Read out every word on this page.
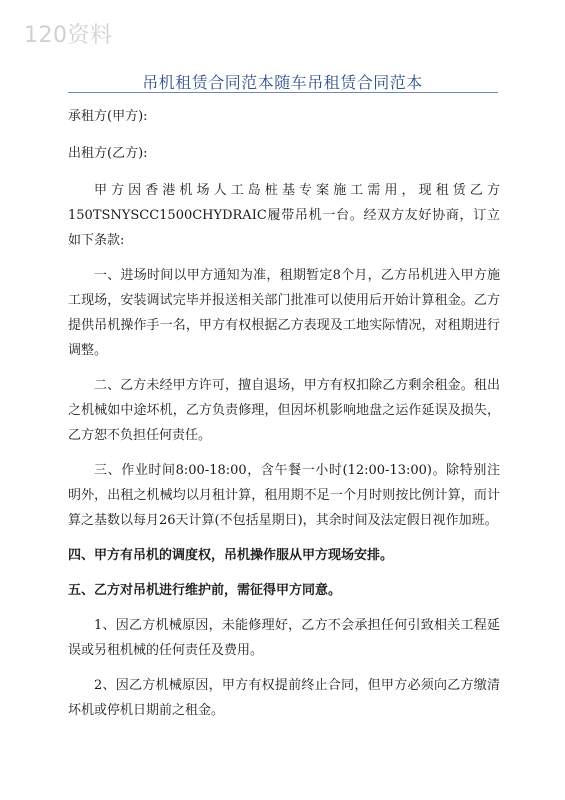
120资料
吊机租赁合同范本随车吊租赁合同范本

承租方(甲方):

出租方(乙方):

甲方因香港机场人工岛桩基专案施工需用，现租赁乙方150TSNYSCC1500CHYDRAIC履带吊机一台。经双方友好协商，订立如下条款:

一、进场时间以甲方通知为准，租期暂定8个月，乙方吊机进入甲方施工现场，安装调试完毕并报送相关部门批准可以使用后开始计算租金。乙方提供吊机操作手一名，甲方有权根据乙方表现及工地实际情况，对租期进行调整。

二、乙方未经甲方许可，擅自退场，甲方有权扣除乙方剩余租金。租出之机械如中途坏机，乙方负责修理，但因坏机影响地盘之运作延误及损失，乙方恕不负担任何责任。

三、作业时间8:00-18:00，含午餐一小时(12:00-13:00)。除特别注明外，出租之机械均以月租计算，租用期不足一个月时则按比例计算，而计算之基数以每月26天计算(不包括星期日)，其余时间及法定假日视作加班。

四、甲方有吊机的调度权，吊机操作服从甲方现场安排。

五、乙方对吊机进行维护前，需征得甲方同意。

1、因乙方机械原因，未能修理好，乙方不会承担任何引致相关工程延误或另租机械的任何责任及费用。

2、因乙方机械原因，甲方有权提前终止合同，但甲方必须向乙方缴清坏机或停机日期前之租金。
